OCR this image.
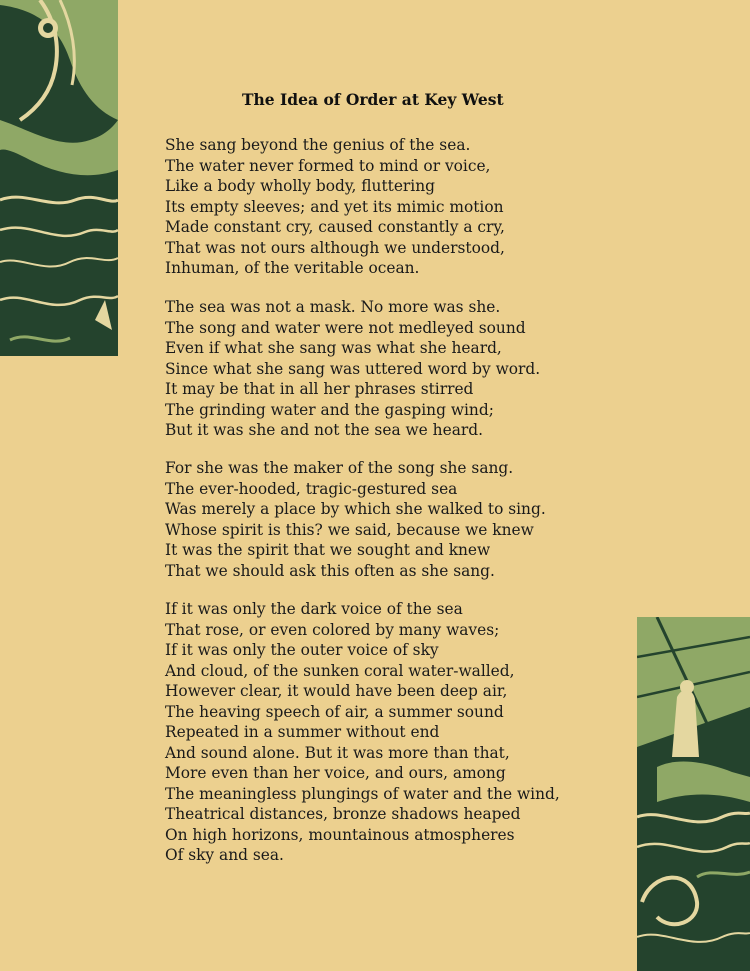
The Idea of Order at Key West
She sang beyond the genius of the sea.
The water never formed to mind or voice,
Like a body wholly body, fluttering
Its empty sleeves; and yet its mimic motion
Made constant cry, caused constantly a cry,
That was not ours although we understood,
Inhuman, of the veritable ocean.
The sea was not a mask. No more was she.
The song and water were not medleyed sound
Even if what she sang was what she heard,
Since what she sang was uttered word by word.
It may be that in all her phrases stirred
The grinding water and the gasping wind;
But it was she and not the sea we heard.
For she was the maker of the song she sang.
The ever-hooded, tragic-gestured sea
Was merely a place by which she walked to sing.
Whose spirit is this? we said, because we knew
It was the spirit that we sought and knew
That we should ask this often as she sang.
If it was only the dark voice of the sea
That rose, or even colored by many waves;
If it was only the outer voice of sky
And cloud, of the sunken coral water-walled,
However clear, it would have been deep air,
The heaving speech of air, a summer sound
Repeated in a summer without end
And sound alone. But it was more than that,
More even than her voice, and ours, among
The meaningless plungings of water and the wind,
Theatrical distances, bronze shadows heaped
On high horizons, mountainous atmospheres
Of sky and sea.
